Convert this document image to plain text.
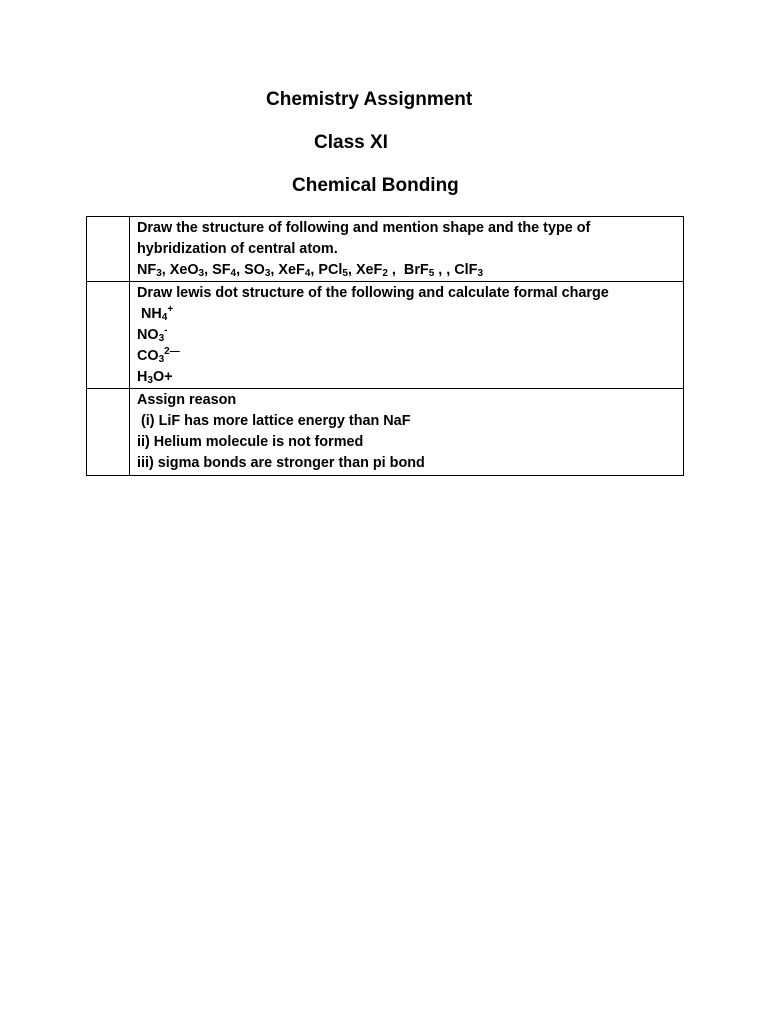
Chemistry Assignment
Class XI
Chemical Bonding

	Draw the structure of following and mention shape and the type of
hybridization of central atom.
$NF_3$, XeO$_3$, $SF_4$, $SO_3$, XeF$_4$, PCl$_5$, XeF$_2$ ,  BrF$_5$ , , ClF$_3$

	Draw lewis dot structure of the following and calculate formal charge
$NH_4^+$
$NO_3^-$
$CO_3^{2—}$
$H_3O+$

	Assign reason
(i) LiF has more lattice energy than NaF
ii) Helium molecule is not formed
iii) sigma bonds are stronger than pi bond
